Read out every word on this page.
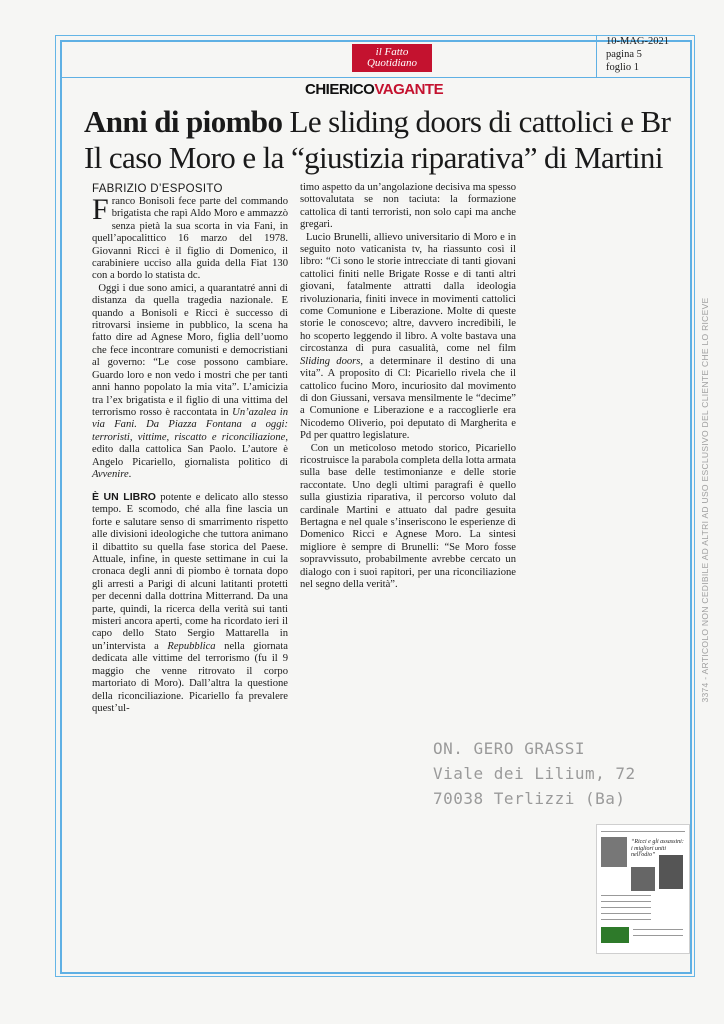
il Fatto
Quotidiano
10-MAG-2021
pagina 5
foglio 1
CHIERICOVAGANTE
Anni di piombo Le sliding doors di cattolici e Br
Il caso Moro e la “giustizia riparativa” di Martini
FABRIZIO D’ESPOSITO

Franco Bonisoli fece parte del commando brigatista che rapì Aldo Moro e ammazzò senza pietà la sua scorta in via Fani, in quell’apocalittico 16 marzo del 1978. Giovanni Ricci è il figlio di Domenico, il carabiniere ucciso alla guida della Fiat 130 con a bordo lo statista dc.

Oggi i due sono amici, a quarantatré anni di distanza da quella tragedia nazionale. E quando a Bonisoli e Ricci è successo di ritrovarsi insieme in pubblico, la scena ha fatto dire ad Agnese Moro, figlia dell’uomo che fece incontrare comunisti e democristiani al governo: “Le cose possono cambiare. Guardo loro e non vedo i mostri che per tanti anni hanno popolato la mia vita”. L’amicizia tra l’ex brigatista e il figlio di una vittima del terrorismo rosso è raccontata in Un’azalea in via Fani. Da Piazza Fontana a oggi: terroristi, vittime, riscatto e riconciliazione, edito dalla cattolica San Paolo. L’autore è Angelo Picariello, giornalista politico di Avvenire.

È UN LIBRO potente e delicato allo stesso tempo. E scomodo, ché alla fine lascia un forte e salutare senso di smarrimento rispetto alle divisioni ideologiche che tuttora animano il dibattito su quella fase storica del Paese. Attuale, infine, in queste settimane in cui la cronaca degli anni di piombo è tornata dopo gli arresti a Parigi di alcuni latitanti protetti per decenni dalla dottrina Mitterrand. Da una parte, quindi, la ricerca della verità sui tanti misteri ancora aperti, come ha ricordato ieri il capo dello Stato Sergio Mattarella in un’intervista a Repubblica nella giornata dedicata alle vittime del terrorismo (fu il 9 maggio che venne ritrovato il corpo martoriato di Moro). Dall’altra la questione della riconciliazione. Picariello fa prevalere quest’ul-

timo aspetto da un’angolazione decisiva ma spesso sottovalutata se non taciuta: la formazione cattolica di tanti terroristi, non solo capi ma anche gregari.

Lucio Brunelli, allievo universitario di Moro e in seguito noto vaticanista tv, ha riassunto così il libro: “Ci sono le storie intrecciate di tanti giovani cattolici finiti nelle Brigate Rosse e di tanti altri giovani, fatalmente attratti dalla ideologia rivoluzionaria, finiti invece in movimenti cattolici come Comunione e Liberazione. Molte di queste storie le conoscevo; altre, davvero incredibili, le ho scoperto leggendo il libro. A volte bastava una circostanza di pura casualità, come nel film Sliding doors, a determinare il destino di una vita”. A proposito di Cl: Picariello rivela che il cattolico fucino Moro, incuriosito dal movimento di don Giussani, versava mensilmente le “decime” a Comunione e Liberazione e a raccoglierle era Nicodemo Oliverio, poi deputato di Margherita e Pd per quattro legislature.

Con un meticoloso metodo storico, Picariello ricostruisce la parabola completa della lotta armata sulla base delle testimonianze e delle storie raccontate. Uno degli ultimi paragrafi è quello sulla giustizia riparativa, il percorso voluto dal cardinale Martini e attuato dal padre gesuita Bertagna e nel quale s’inseriscono le esperienze di Domenico Ricci e Agnese Moro. La sintesi migliore è sempre di Brunelli: “Se Moro fosse sopravvissuto, probabilmente avrebbe cercato un dialogo con i suoi rapitori, per una riconciliazione nel segno della verità”.

ON. GERO GRASSI
Viale dei Lilium, 72
70038 Terlizzi (Ba)
3374 - ARTICOLO NON CEDIBILE AD ALTRI AD USO ESCLUSIVO DEL CLIENTE CHE LO RICEVE
“Ricci e gli assassini: i migliori uniti nell'odio”
